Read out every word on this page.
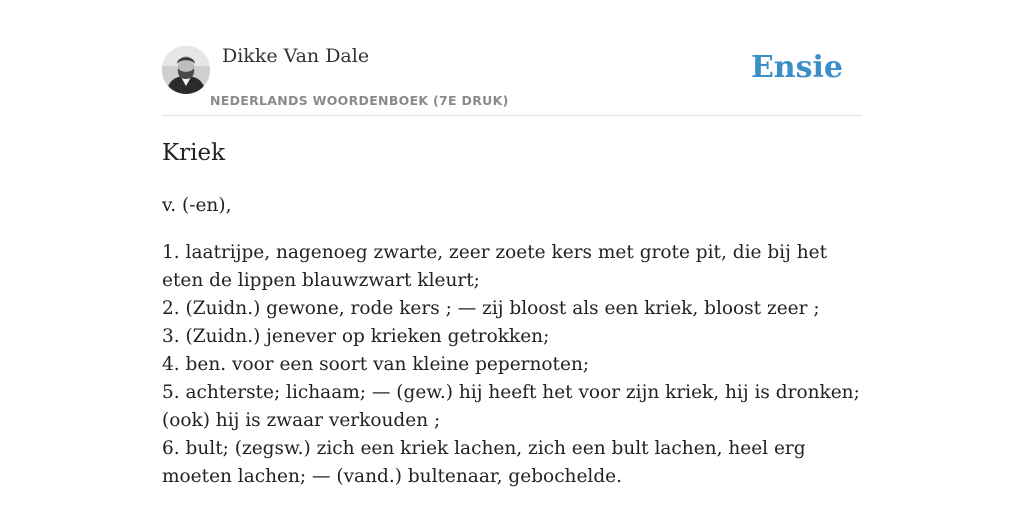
Dikke Van Dale
NEDERLANDS WOORDENBOEK (7E DRUK)
Ensie
Kriek
v. (-en),
1. laatrijpe, nagenoeg zwarte, zeer zoete kers met grote pit, die bij het eten de lippen blauwzwart kleurt;
2. (Zuidn.) gewone, rode kers ; — zij bloost als een kriek, bloost zeer ;
3. (Zuidn.) jenever op krieken getrokken;
4. ben. voor een soort van kleine pepernoten;
5. achterste; lichaam; — (gew.) hij heeft het voor zijn kriek, hij is dronken; (ook) hij is zwaar verkouden ;
6. bult; (zegsw.) zich een kriek lachen, zich een bult lachen, heel erg moeten lachen; — (vand.) bultenaar, gebochelde.
